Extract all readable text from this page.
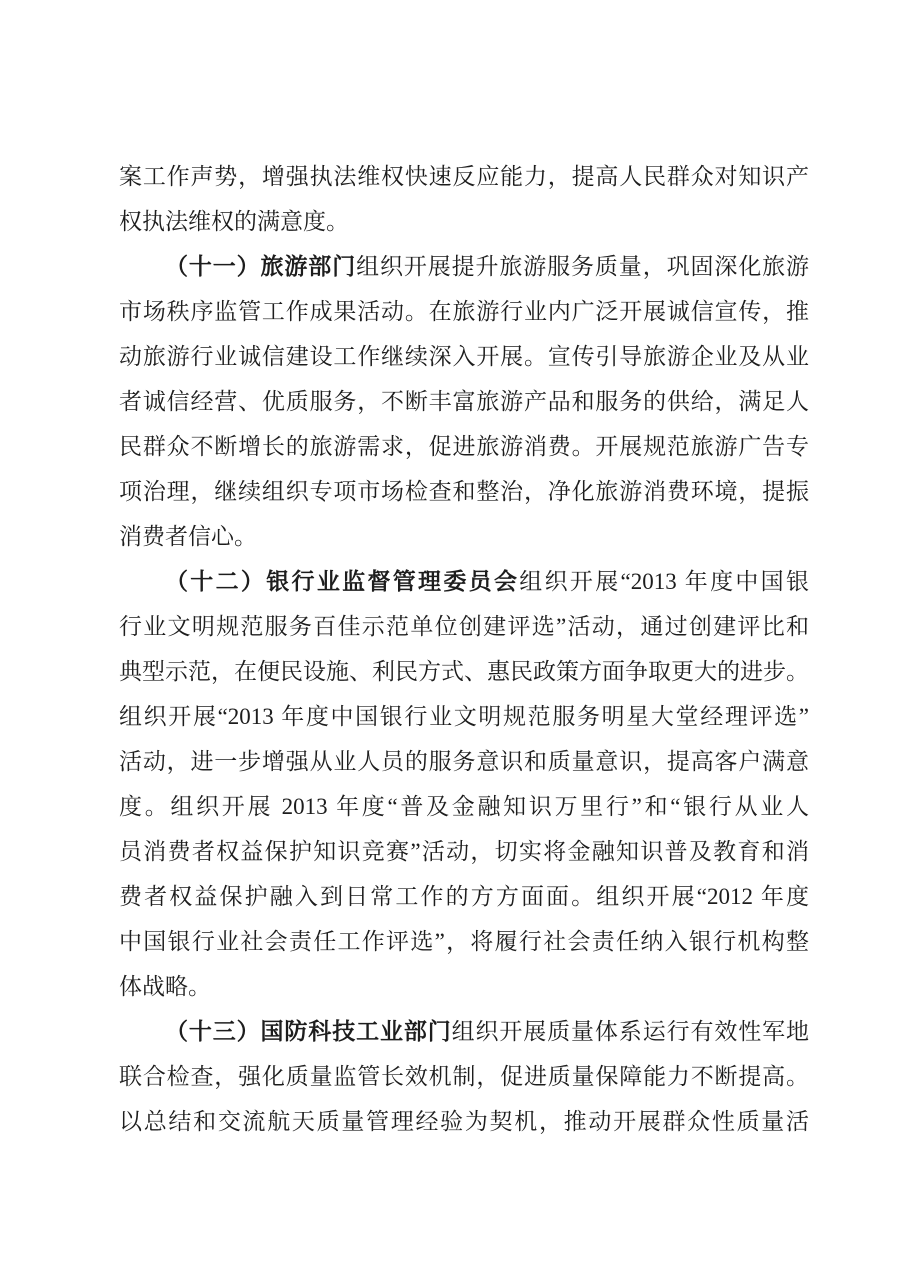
案工作声势，增强执法维权快速反应能力，提高人民群众对知识产
权执法维权的满意度。
（十一）旅游部门组织开展提升旅游服务质量，巩固深化旅游
市场秩序监管工作成果活动。在旅游行业内广泛开展诚信宣传，推
动旅游行业诚信建设工作继续深入开展。宣传引导旅游企业及从业
者诚信经营、优质服务，不断丰富旅游产品和服务的供给，满足人
民群众不断增长的旅游需求，促进旅游消费。开展规范旅游广告专
项治理，继续组织专项市场检查和整治，净化旅游消费环境，提振
消费者信心。
（十二）银行业监督管理委员会组织开展“2013 年度中国银
行业文明规范服务百佳示范单位创建评选”活动，通过创建评比和
典型示范，在便民设施、利民方式、惠民政策方面争取更大的进步。
组织开展“2013 年度中国银行业文明规范服务明星大堂经理评选”
活动，进一步增强从业人员的服务意识和质量意识，提高客户满意
度。组织开展 2013 年度“普及金融知识万里行”和“银行从业人
员消费者权益保护知识竞赛”活动，切实将金融知识普及教育和消
费者权益保护融入到日常工作的方方面面。组织开展“2012 年度
中国银行业社会责任工作评选”，将履行社会责任纳入银行机构整
体战略。
（十三）国防科技工业部门组织开展质量体系运行有效性军地
联合检查，强化质量监管长效机制，促进质量保障能力不断提高。
以总结和交流航天质量管理经验为契机，推动开展群众性质量活
